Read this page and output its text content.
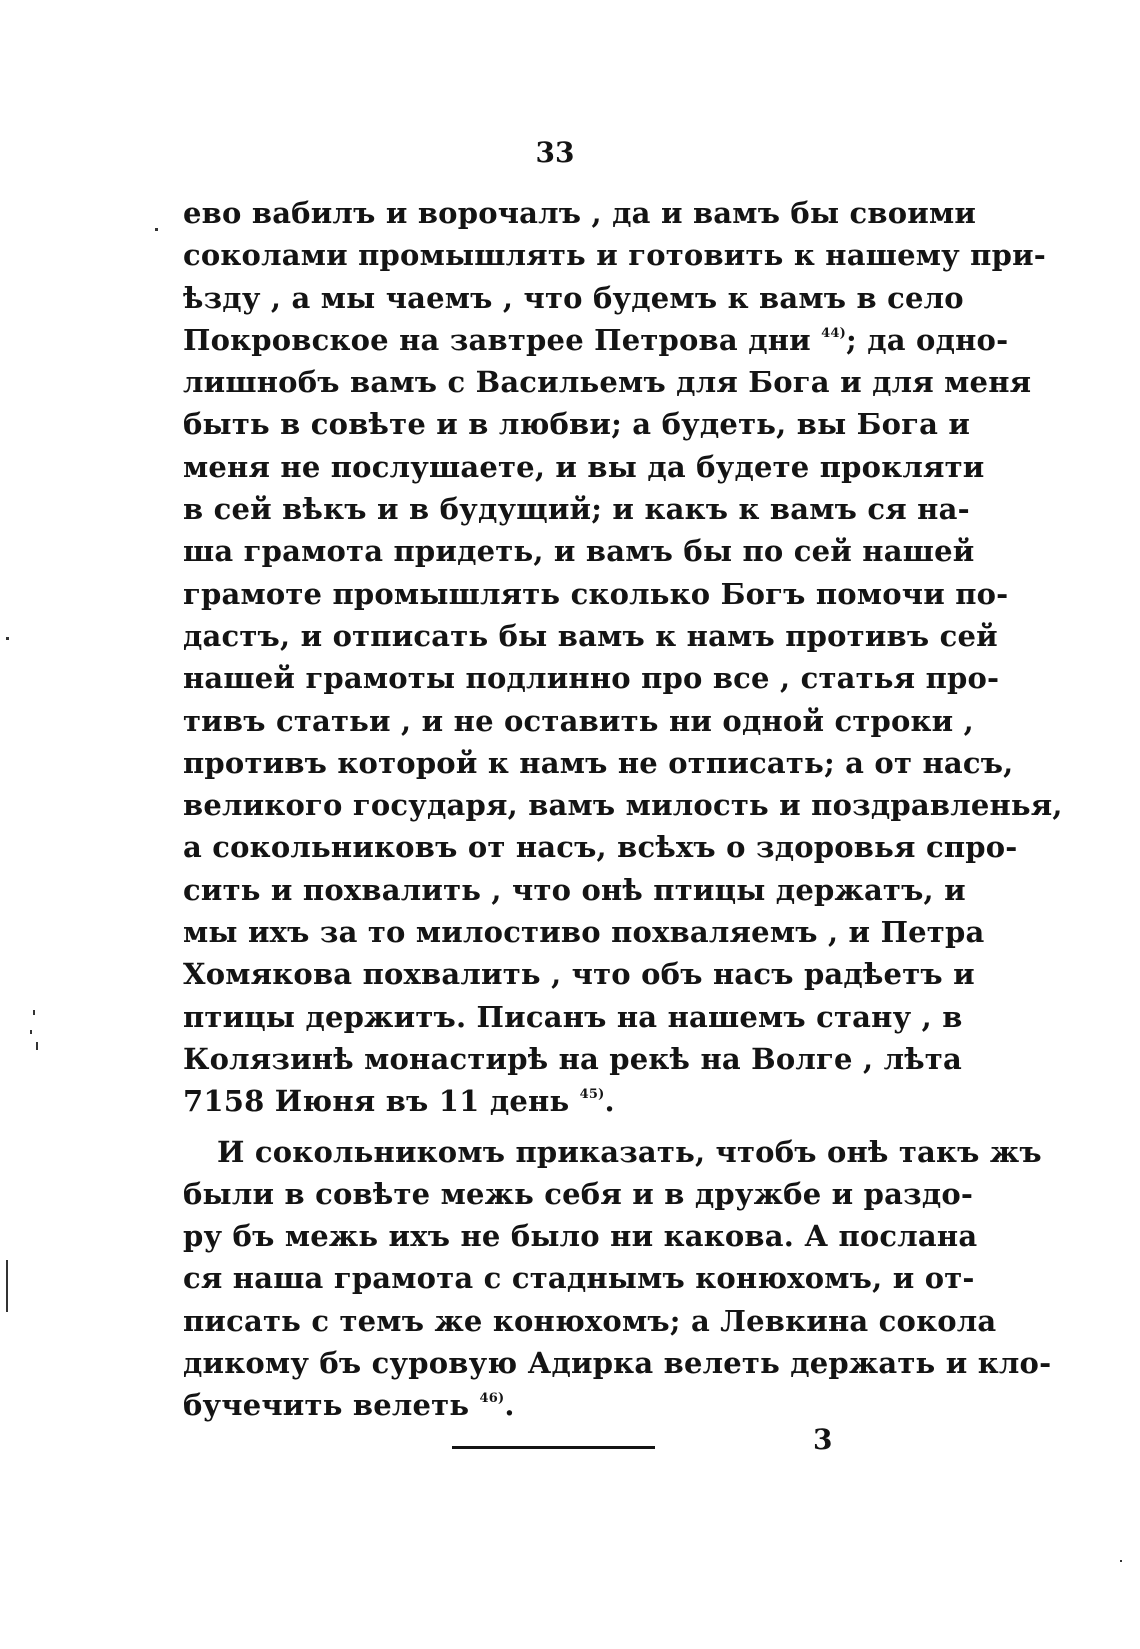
33
ево вабилъ и ворочалъ , да и вамъ бы своими
соколами промышлять и готовить к нашему при-
ѣзду , а мы чаемъ , что будемъ к вамъ в село
Покровское на завтрее Петрова дни $^{44)}$; да одно-
лишнобъ вамъ с Васильемъ для Бога и для меня
быть в совѣте и в любви; а будеть, вы Бога и
меня не послушаете, и вы да будете прокляти
в сей вѣкъ и в будущий; и какъ к вамъ ся на-
ша грамота придеть, и вамъ бы по сей нашей
грамоте промышлять сколько Богъ помочи по-
дастъ, и отписать бы вамъ к намъ противъ сей
нашей грамоты подлинно про все , статья про-
тивъ статьи , и не оставить ни одной строки ,
противъ которой к намъ не отписать; а от насъ,
великого государя, вамъ милость и поздравленья,
а сокольниковъ от насъ, всѣхъ о здоровья спро-
сить и похвалить , что онѣ птицы держатъ, и
мы ихъ за то милостиво похваляемъ , и Петра
Хомякова похвалить , что объ насъ радѣетъ и
птицы держитъ. Писанъ на нашемъ стану , в
Колязинѣ монастирѣ на рекѣ на Волге , лѣта
7158 Июня въ 11 день $^{45)}$.
И сокольникомъ приказать, чтобъ онѣ такъ жъ
были в совѣте межь себя и в дружбе и раздо-
ру бъ межь ихъ не было ни какова. А послана
ся наша грамота с стаднымъ конюхомъ, и от-
писать с темъ же конюхомъ; а Левкина сокола
дикому бъ суровую Адирка велеть держать и кло-
бучечить велеть $^{46)}$.
3
